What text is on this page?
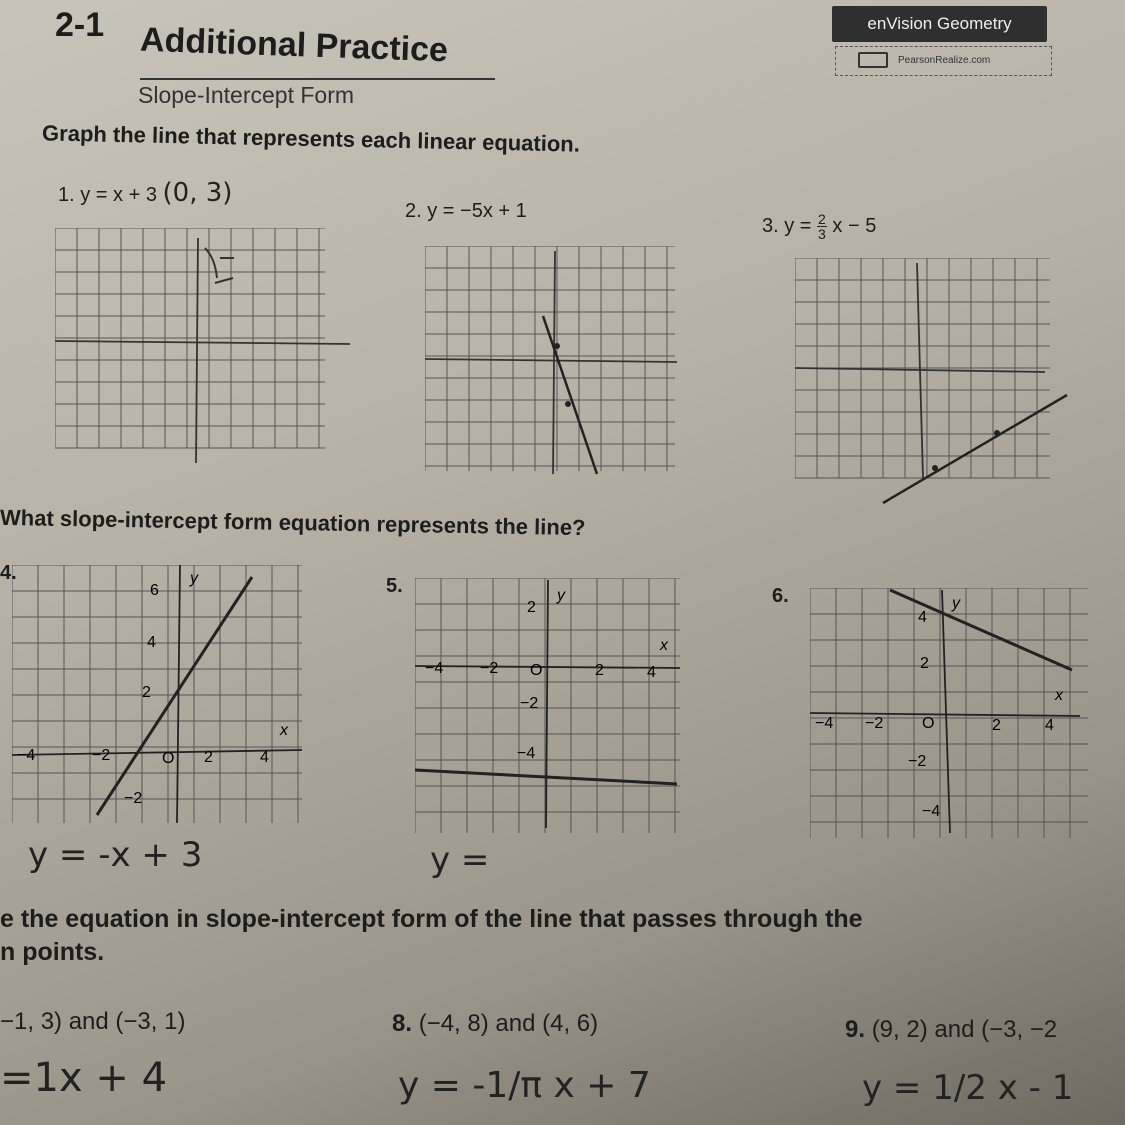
enVision Geometry
PearsonRealize.com
2-1 Additional Practice
Slope-Intercept Form
Graph the line that represents each linear equation.
1. y = x + 3 (0, 3)
2. y = −5x + 1
3. $y = \frac{2}{3}$ x − 5
What slope-intercept form equation represents the line?
4.
6
4
2
−2
−4	−2	O 2	4
x
y
y = -x + 3
5.
2
−2
−4
−4 −2 O	2	4
x
y
y =
6.
4
2
−2
−4
−4 −2 O	2	4
x
y
e the equation in slope-intercept form of the line that passes through the
n points.
−1, 3) and (−3, 1)
=1x + 4
8. (−4, 8) and (4, 6)
y = -1/π x + 7
9. (9, 2) and (−3, −2
y = 1/2 x - 1
